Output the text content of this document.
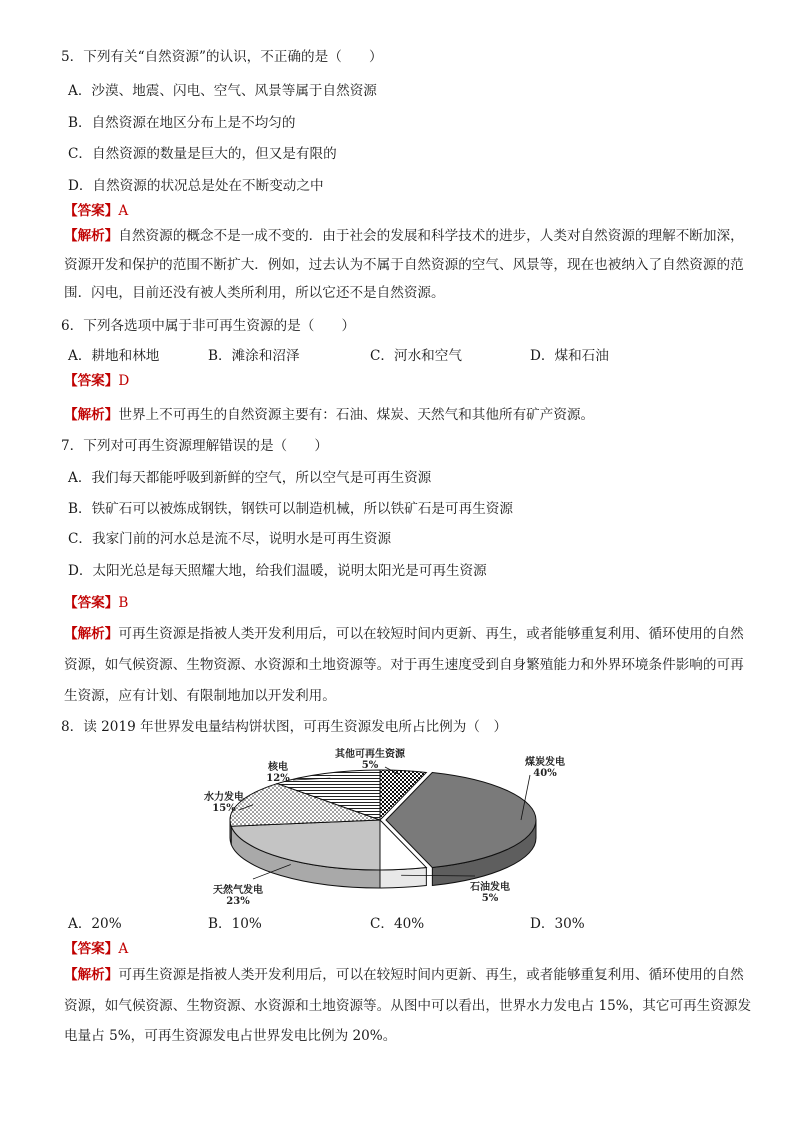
5．下列有关“自然资源”的认识，不正确的是（　　）
A．沙漠、地震、闪电、空气、风景等属于自然资源
B．自然资源在地区分布上是不均匀的
C．自然资源的数量是巨大的，但又是有限的
D．自然资源的状况总是处在不断变动之中
【答案】A
【解析】自然资源的概念不是一成不变的．由于社会的发展和科学技术的进步，人类对自然资源的理解不断加深，
资源开发和保护的范围不断扩大．例如，过去认为不属于自然资源的空气、风景等，现在也被纳入了自然资源的范
围．闪电，目前还没有被人类所利用，所以它还不是自然资源。
6．下列各选项中属于非可再生资源的是（　　）
A．耕地和林地	B．滩涂和沼泽	C．河水和空气	D．煤和石油
【答案】D
【解析】世界上不可再生的自然资源主要有：石油、煤炭、天然气和其他所有矿产资源。
7．下列对可再生资源理解错误的是（　　）
A．我们每天都能呼吸到新鲜的空气，所以空气是可再生资源
B．铁矿石可以被炼成钢铁，钢铁可以制造机械，所以铁矿石是可再生资源
C．我家门前的河水总是流不尽，说明水是可再生资源
D．太阳光总是每天照耀大地，给我们温暖，说明太阳光是可再生资源
【答案】B
【解析】可再生资源是指被人类开发利用后，可以在较短时间内更新、再生，或者能够重复利用、循环使用的自然
资源，如气候资源、生物资源、水资源和土地资源等。对于再生速度受到自身繁殖能力和外界环境条件影响的可再
生资源，应有计划、有限制地加以开发利用。
8．读 2019 年世界发电量结构饼状图，可再生资源发电所占比例为（　）
煤炭发电
40%
石油发电
5%
天然气发电
23%
水力发电
15%
核电
12%
其他可再生资源
5%
A．20%	B．10%	C．40%	D．30%
【答案】A
【解析】可再生资源是指被人类开发利用后，可以在较短时间内更新、再生，或者能够重复利用、循环使用的自然
资源，如气候资源、生物资源、水资源和土地资源等。从图中可以看出，世界水力发电占 15%，其它可再生资源发
电量占 5%，可再生资源发电占世界发电比例为 20%。
